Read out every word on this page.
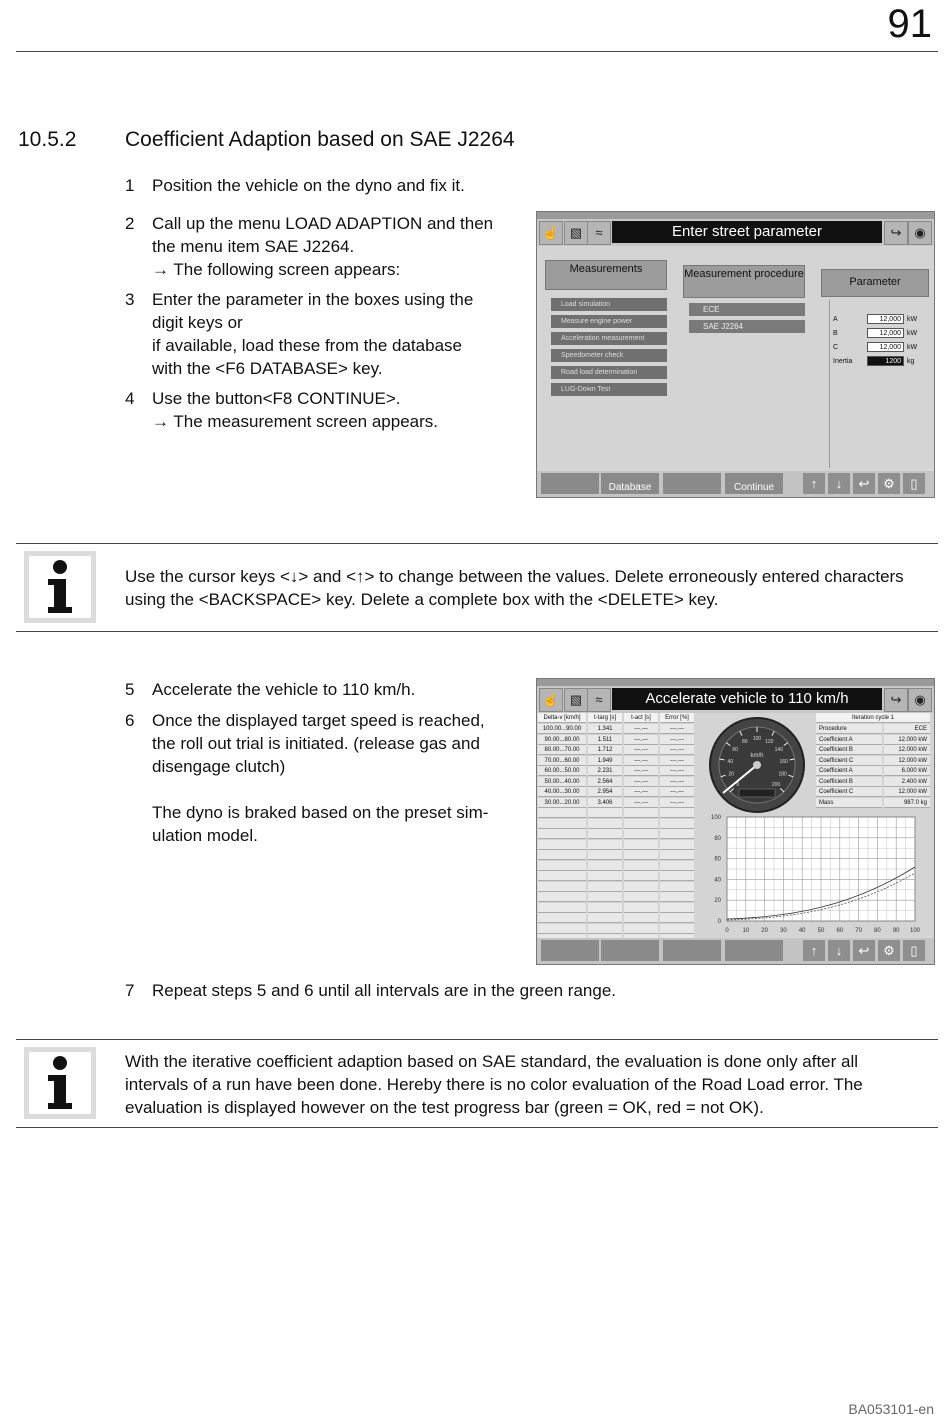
91
10.5.2 Coefficient Adaption based on SAE J2264
1 Position the vehicle on the dyno and fix it.
2 Call up the menu LOAD ADAPTION and then
the menu item SAE J2264.
→ The following screen appears:
3 Enter the parameter in the boxes using the
digit keys or
if available, load these from the database
with the <F6 DATABASE> key.
4 Use the button<F8 CONTINUE>.
→ The measurement screen appears.
☝ ▧	≈	Enter street parameter	↪ ◉
Measurements
Load simulation
Measure engine power
Acceleration measurement
Speedometer check
Road load determination
LUG-Down Test
Measurement procedure
ECE
SAE J2264
Parameter
A	12,000 kW
B	12,000 kW
C	12,000 kW
Inertia	1200 kg
Database	Continue	↑	↓	↩	⚙	▯
Use the cursor keys <↓> and <↑> to change between the values. Delete erroneously entered characters using the <BACKSPACE> key. Delete a complete box with the <DELETE> key.
5 Accelerate the vehicle to 110 km/h.
6 Once the displayed target speed is reached,
the roll out trial is initiated. (release gas and
disengage clutch)

The dyno is braked based on the preset sim-
ulation model.
☝ ▧	≈	Accelerate vehicle to 110 km/h	↪ ◉
Delta-v [km/h]	t-targ [s]	t-act [s]	Error [%]
100.00...90.00	1.341	---.---	---.---
90.00...80.00	1.511	---.---	---.---
80.00...70.00	1.712	---.---	---.---
70.00...60.00	1.949	---.---	---.---
60.00...50.00	2.231	---.---	---.---
50.00...40.00	2.564	---.---	---.---
40.00...30.00	2.954	---.---	---.---
30.00...20.00	3.406	---.---	---.---
0
20
40
60
80 100 120
140
160
180
200
km/h
Iteration cycle 1
Procedure	ECE
Coefficient A	12.000 kW
Coefficient B	12.000 kW
Coefficient C	12.000 kW
Coefficient A	6.000 kW
Coefficient B	2.400 kW
Coefficient C	12.000 kW
Mass	987.0 kg
0 10 20 30 40 50 60 70 80 90 100
100
80
60
40
20
0
↑	↓	↩	⚙	▯
7 Repeat steps 5 and 6 until all intervals are in the green range.
With the iterative coefficient adaption based on SAE standard, the evaluation is done only after all intervals of a run have been done. Hereby there is no color evaluation of the Road Load error. The evaluation is displayed however on the test progress bar (green = OK, red = not OK).
BA053101-en
